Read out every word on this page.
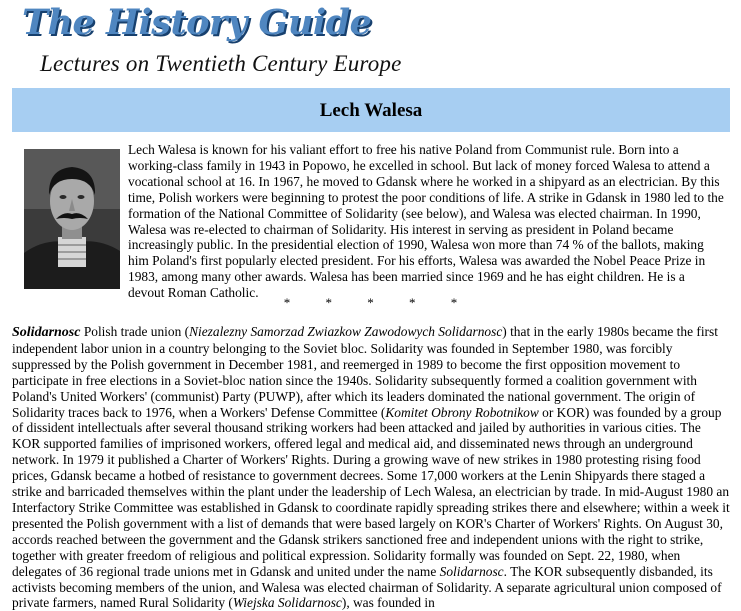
The History Guide
Lectures on Twentieth Century Europe
Lech Walesa

Lech Walesa is known for his valiant effort to free his native Poland from Communist rule. Born into a working-class family in 1943 in Popowo, he excelled in school. But lack of money forced Walesa to attend a vocational school at 16. In 1967, he moved to Gdansk where he worked in a shipyard as an electrician. By this time, Polish workers were beginning to protest the poor conditions of life. A strike in Gdansk in 1980 led to the formation of the National Committee of Solidarity (see below), and Walesa was elected chairman. In 1990, Walesa was re-elected to chairman of Solidarity. His interest in serving as president in Poland became increasingly public. In the presidential election of 1990, Walesa won more than 74 % of the ballots, making him Poland's first popularly elected president. For his efforts, Walesa was awarded the Nobel Peace Prize in 1983, among many other awards. Walesa has been married since 1969 and he has eight children. He is a devout Roman Catholic.

*	*	*	*	*

Solidarnosc Polish trade union (Niezalezny Samorzad Zwiazkow Zawodowych Solidarnosc) that in the early 1980s became the first independent labor union in a country belonging to the Soviet bloc. Solidarity was founded in September 1980, was forcibly suppressed by the Polish government in December 1981, and reemerged in 1989 to become the first opposition movement to participate in free elections in a Soviet-bloc nation since the 1940s. Solidarity subsequently formed a coalition government with Poland's United Workers' (communist) Party (PUWP), after which its leaders dominated the national government. The origin of Solidarity traces back to 1976, when a Workers' Defense Committee (Komitet Obrony Robotnikow or KOR) was founded by a group of dissident intellectuals after several thousand striking workers had been attacked and jailed by authorities in various cities. The KOR supported families of imprisoned workers, offered legal and medical aid, and disseminated news through an underground network. In 1979 it published a Charter of Workers' Rights. During a growing wave of new strikes in 1980 protesting rising food prices, Gdansk became a hotbed of resistance to government decrees. Some 17,000 workers at the Lenin Shipyards there staged a strike and barricaded themselves within the plant under the leadership of Lech Walesa, an electrician by trade. In mid-August 1980 an Interfactory Strike Committee was established in Gdansk to coordinate rapidly spreading strikes there and elsewhere; within a week it presented the Polish government with a list of demands that were based largely on KOR's Charter of Workers' Rights. On August 30, accords reached between the government and the Gdansk strikers sanctioned free and independent unions with the right to strike, together with greater freedom of religious and political expression. Solidarity formally was founded on Sept. 22, 1980, when delegates of 36 regional trade unions met in Gdansk and united under the name Solidarnosc. The KOR subsequently disbanded, its activists becoming members of the union, and Walesa was elected chairman of Solidarity. A separate agricultural union composed of private farmers, named Rural Solidarity (Wiejska Solidarnosc), was founded in
